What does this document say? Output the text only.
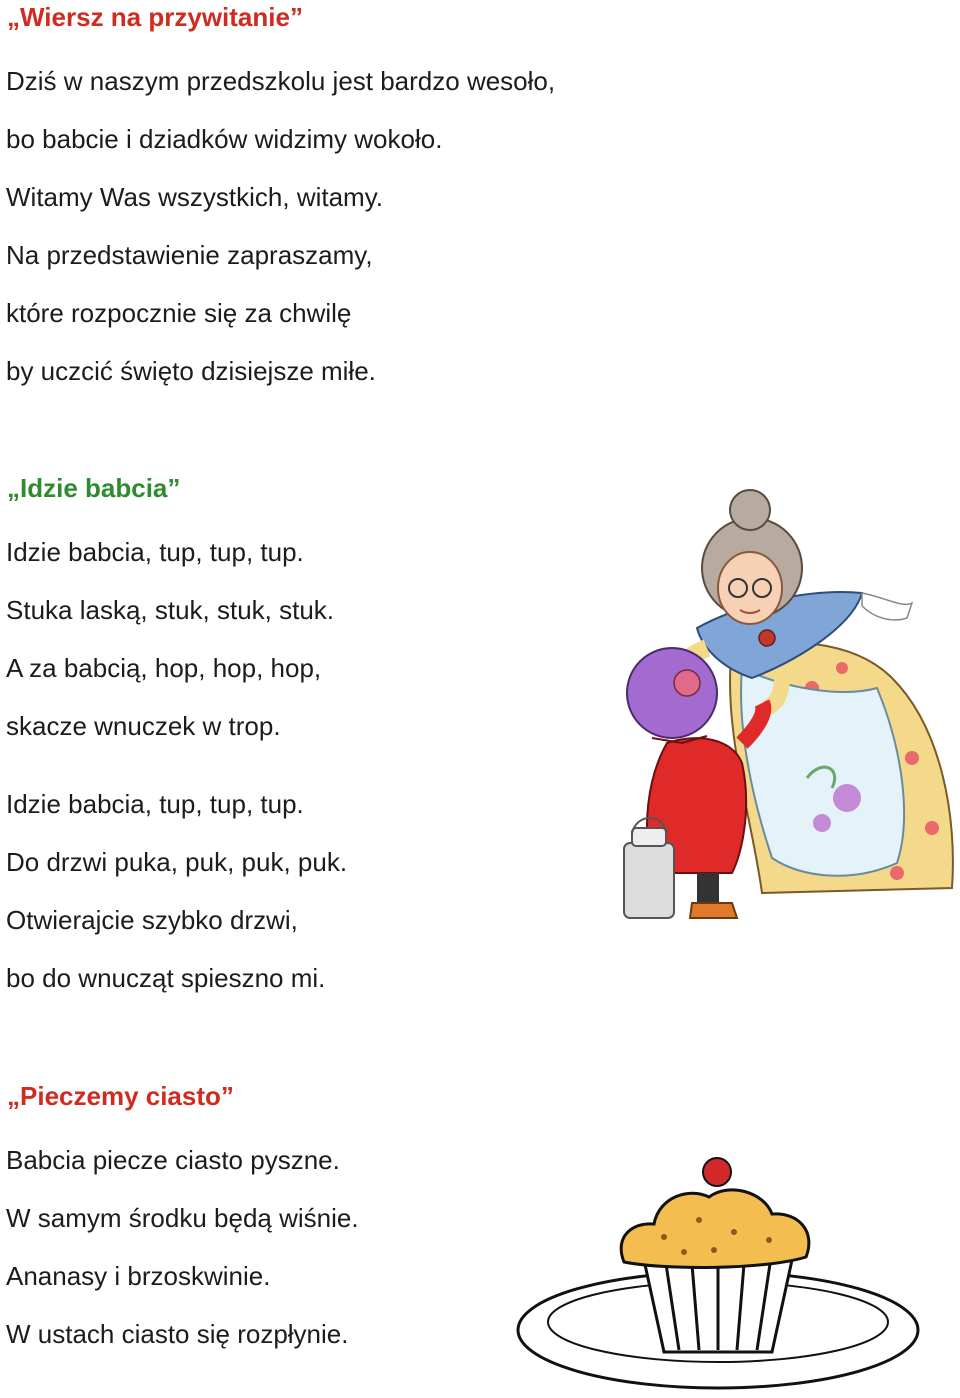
„Wiersz na przywitanie”
Dziś w naszym przedszkolu jest bardzo wesoło,
bo babcie i dziadków widzimy wokoło.
Witamy Was wszystkich, witamy.
Na przedstawienie zapraszamy,
które rozpocznie się za chwilę
by uczcić święto dzisiejsze miłe.
„Idzie babcia”
Idzie babcia, tup, tup, tup.
Stuka laską, stuk, stuk, stuk.
A za babcią, hop, hop, hop,
skacze wnuczek w trop.
Idzie babcia, tup, tup, tup.
Do drzwi puka, puk, puk, puk.
Otwierajcie szybko drzwi,
bo do wnucząt spieszno mi.
„Pieczemy ciasto”
Babcia piecze ciasto pyszne.
W samym środku będą wiśnie.
Ananasy i brzoskwinie.
W ustach ciasto się rozpłynie.
